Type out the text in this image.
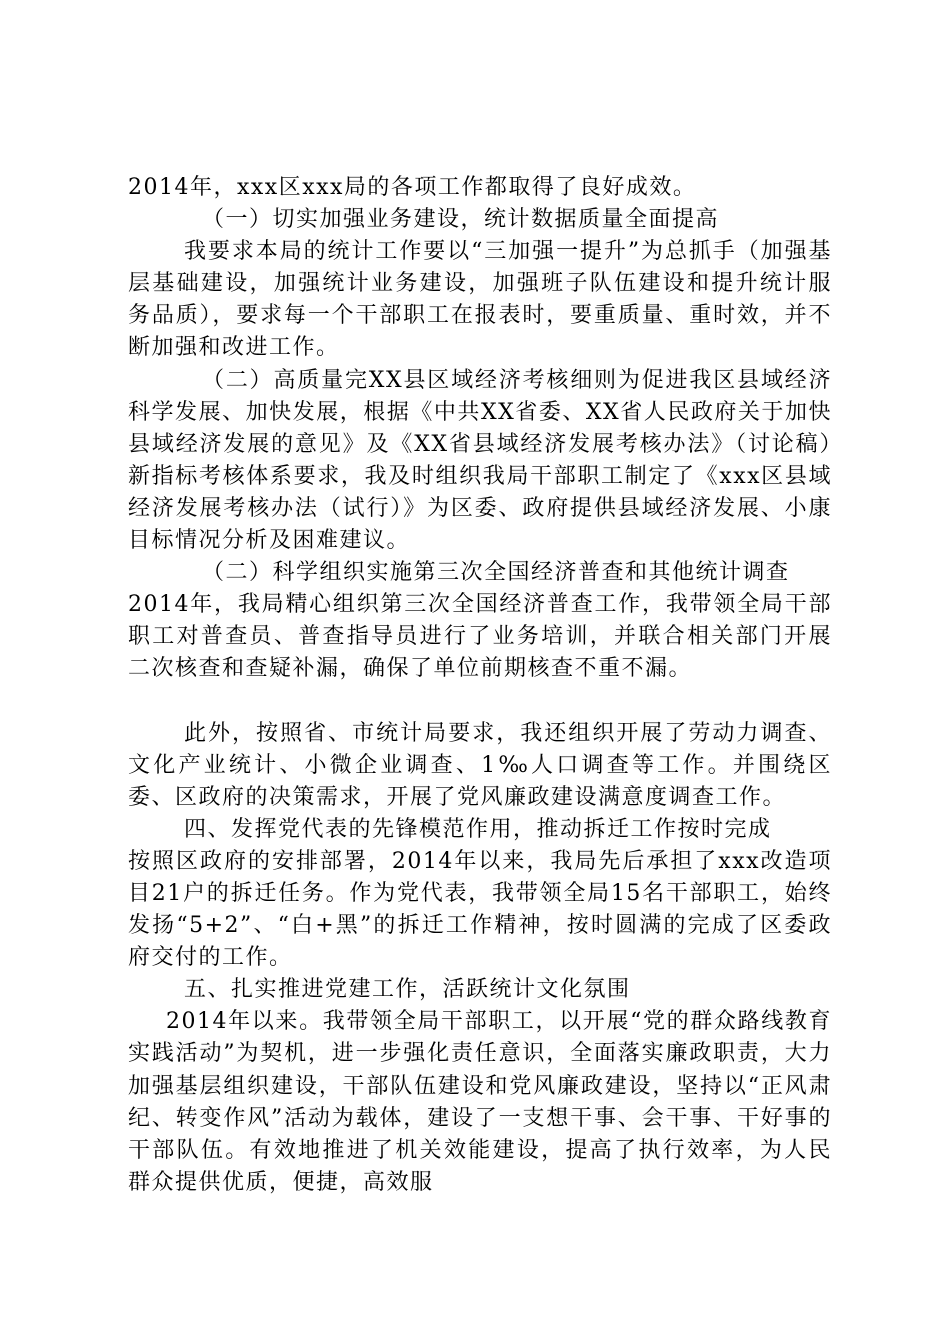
2014年，xxx区xxx局的各项工作都取得了良好成效。

（一）切实加强业务建设，统计数据质量全面提高

我要求本局的统计工作要以“三加强一提升”为总抓手（加强基层基础建设，加强统计业务建设，加强班子队伍建设和提升统计服务品质），要求每一个干部职工在报表时，要重质量、重时效，并不断加强和改进工作。

（二）高质量完XX县区域经济考核细则为促进我区县域经济科学发展、加快发展，根据《中共XX省委、XX省人民政府关于加快县域经济发展的意见》及《XX省县域经济发展考核办法》（讨论稿）新指标考核体系要求，我及时组织我局干部职工制定了《xxx区县域经济发展考核办法（试行）》为区委、政府提供县域经济发展、小康目标情况分析及困难建议。

（二）科学组织实施第三次全国经济普查和其他统计调查

2014年，我局精心组织第三次全国经济普查工作，我带领全局干部职工对普查员、普查指导员进行了业务培训，并联合相关部门开展二次核查和查疑补漏，确保了单位前期核查不重不漏。

此外，按照省、市统计局要求，我还组织开展了劳动力调查、文化产业统计、小微企业调查、1‰人口调查等工作。并围绕区委、区政府的决策需求，开展了党风廉政建设满意度调查工作。

四、发挥党代表的先锋模范作用，推动拆迁工作按时完成

按照区政府的安排部署，2014年以来，我局先后承担了xxx改造项目21户的拆迁任务。作为党代表，我带领全局15名干部职工，始终发扬“5+2”、“白+黑”的拆迁工作精神，按时圆满的完成了区委政府交付的工作。

五、扎实推进党建工作，活跃统计文化氛围

2014年以来。我带领全局干部职工，以开展“党的群众路线教育实践活动”为契机，进一步强化责任意识，全面落实廉政职责，大力加强基层组织建设，干部队伍建设和党风廉政建设，坚持以“正风肃纪、转变作风”活动为载体，建设了一支想干事、会干事、干好事的干部队伍。有效地推进了机关效能建设，提高了执行效率，为人民群众提供优质，便捷，高效服
